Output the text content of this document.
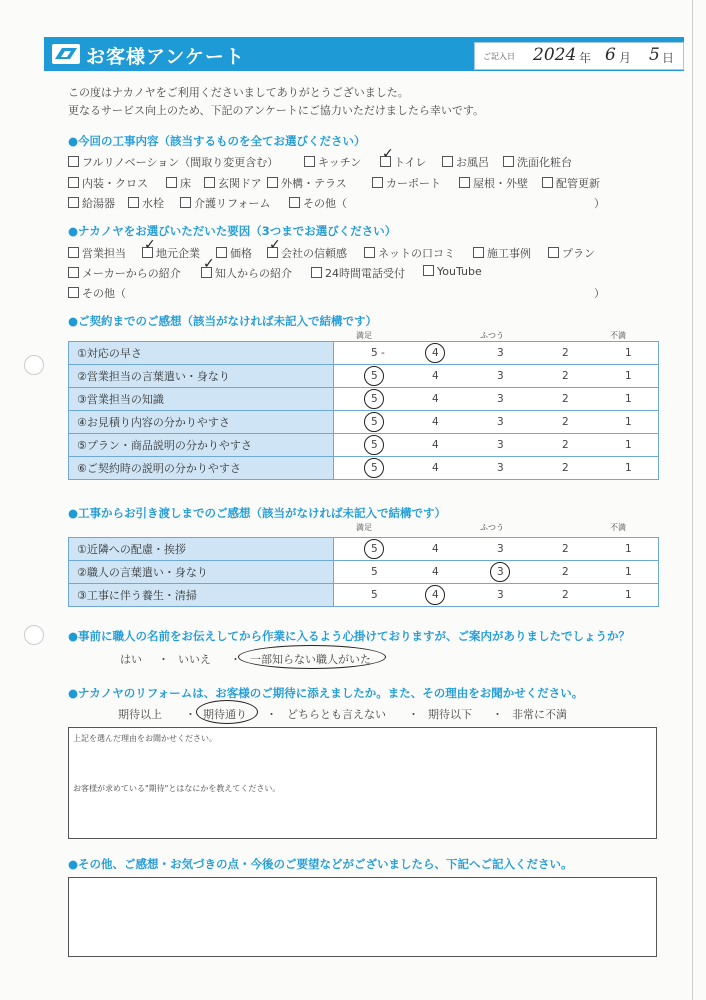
お客様アンケート	ご記入日 2024 年 6 月 5 日
この度はナカノヤをご利用くださいましてありがとうございました。
更なるサービス向上のため、下記のアンケートにご協力いただけましたら幸いです。
●今回の工事内容（該当するものを全てお選びください）
フルリノベーション（間取り変更含む）	キッチン	トイレ
✓
お風呂	洗面化粧台
内装・クロス	床	玄関ドア	外構・テラス	カーポート	屋根・外壁	配管更新
給湯器	水栓	介護リフォーム	その他（	）
●ナカノヤをお選びいただいた要因（3つまでお選びください）
営業担当	地元企業
✓
価格	会社の信頼感
✓
ネットの口コミ	施工事例	プラン
メーカーからの紹介	知人からの紹介
✓
24時間電話受付	YouTube
その他（	）
●ご契約までのご感想（該当がなければ未記入で結構です）
満足	ふつう	不満
①対応の早さ	5 - 4 3 2 1

②営業担当の言葉遣い・身なり	5 4 3 2 1

③営業担当の知識	5 4 3 2 1

④お見積り内容の分かりやすさ	5 4 3 2 1

⑤プラン・商品説明の分かりやすさ	5 4 3 2 1

⑥ご契約時の説明の分かりやすさ	5 4 3 2 1
●工事からお引き渡しまでのご感想（該当がなければ未記入で結構です）
満足	ふつう	不満
①近隣への配慮・挨拶	5 4 3 2 1

②職人の言葉遣い・身なり	5 4 3 2 1

③工事に伴う養生・清掃	5 4 3 2 1
●事前に職人の名前をお伝えしてから作業に入るよう心掛けておりますが、ご案内がありましたでしょうか？
はい ・ いいえ ・ 一部知らない職人がいた
●ナカノヤのリフォームは、お客様のご期待に添えましたか。また、その理由をお聞かせください。
期待以上 ・ 期待通り ・ どちらとも言えない ・ 期待以下 ・ 非常に不満
上記を選んだ理由をお聞かせください。
お客様が求めている"期待"とはなにかを教えてください。
●その他、ご感想・お気づきの点・今後のご要望などがございましたら、下記へご記入ください。
